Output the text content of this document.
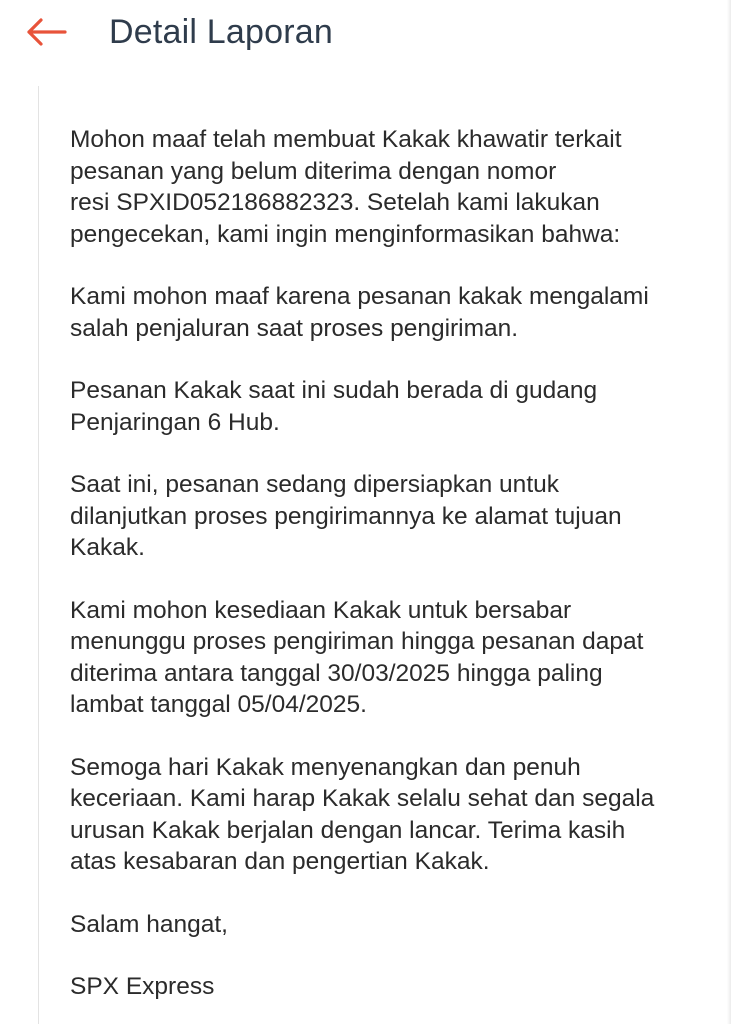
Detail Laporan

Mohon maaf telah membuat Kakak khawatir terkait
pesanan yang belum diterima dengan nomor
resi SPXID052186882323. Setelah kami lakukan
pengecekan, kami ingin menginformasikan bahwa:

Kami mohon maaf karena pesanan kakak mengalami
salah penjaluran saat proses pengiriman.

Pesanan Kakak saat ini sudah berada di gudang
Penjaringan 6 Hub.

Saat ini, pesanan sedang dipersiapkan untuk
dilanjutkan proses pengirimannya ke alamat tujuan
Kakak.

Kami mohon kesediaan Kakak untuk bersabar
menunggu proses pengiriman hingga pesanan dapat
diterima antara tanggal 30/03/2025 hingga paling
lambat tanggal 05/04/2025.

Semoga hari Kakak menyenangkan dan penuh
keceriaan. Kami harap Kakak selalu sehat dan segala
urusan Kakak berjalan dengan lancar. Terima kasih
atas kesabaran dan pengertian Kakak.

Salam hangat,

SPX Express
